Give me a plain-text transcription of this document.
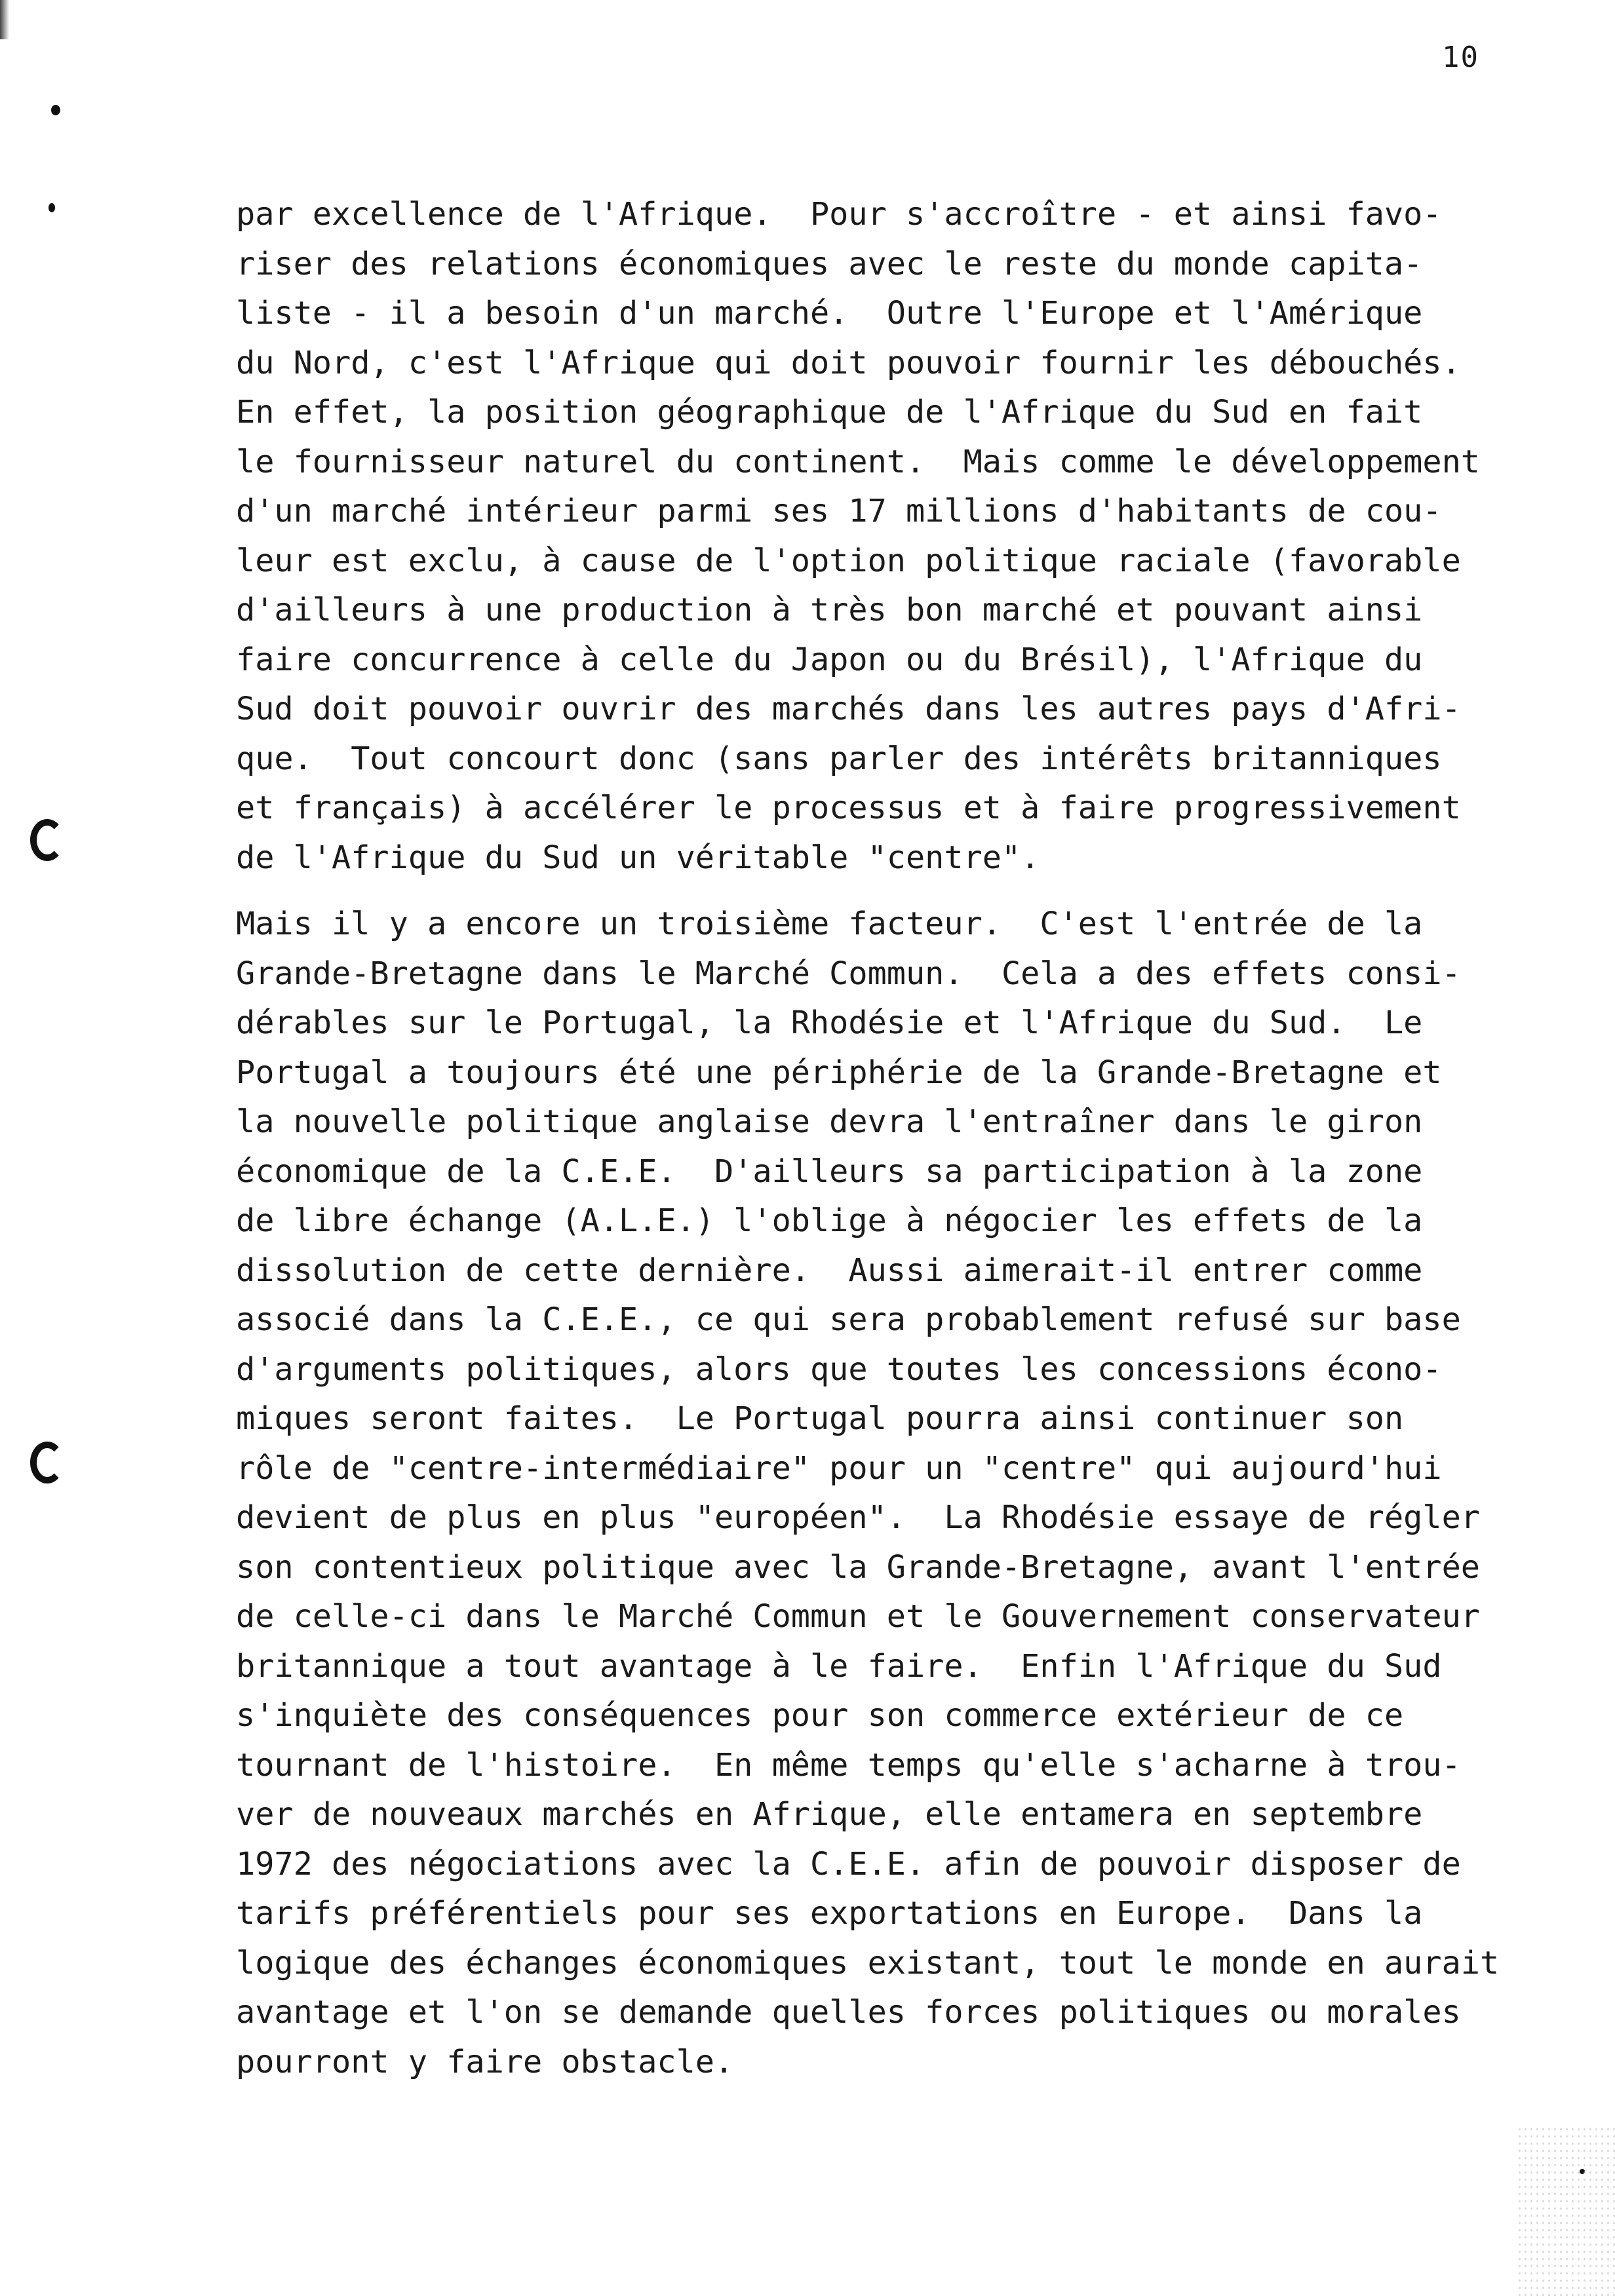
10
par excellence de l'Afrique.  Pour s'accroître - et ainsi favo-
riser des relations économiques avec le reste du monde capita-
liste - il a besoin d'un marché.  Outre l'Europe et l'Amérique
du Nord, c'est l'Afrique qui doit pouvoir fournir les débouchés.
En effet, la position géographique de l'Afrique du Sud en fait
le fournisseur naturel du continent.  Mais comme le développement
d'un marché intérieur parmi ses 17 millions d'habitants de cou-
leur est exclu, à cause de l'option politique raciale (favorable
d'ailleurs à une production à très bon marché et pouvant ainsi
faire concurrence à celle du Japon ou du Brésil), l'Afrique du
Sud doit pouvoir ouvrir des marchés dans les autres pays d'Afri-
que.  Tout concourt donc (sans parler des intérêts britanniques
et français) à accélérer le processus et à faire progressivement
de l'Afrique du Sud un véritable "centre".
Mais il y a encore un troisième facteur.  C'est l'entrée de la
Grande-Bretagne dans le Marché Commun.  Cela a des effets consi-
dérables sur le Portugal, la Rhodésie et l'Afrique du Sud.  Le
Portugal a toujours été une périphérie de la Grande-Bretagne et
la nouvelle politique anglaise devra l'entraîner dans le giron
économique de la C.E.E.  D'ailleurs sa participation à la zone
de libre échange (A.L.E.) l'oblige à négocier les effets de la
dissolution de cette dernière.  Aussi aimerait-il entrer comme
associé dans la C.E.E., ce qui sera probablement refusé sur base
d'arguments politiques, alors que toutes les concessions écono-
miques seront faites.  Le Portugal pourra ainsi continuer son
rôle de "centre-intermédiaire" pour un "centre" qui aujourd'hui
devient de plus en plus "européen".  La Rhodésie essaye de régler
son contentieux politique avec la Grande-Bretagne, avant l'entrée
de celle-ci dans le Marché Commun et le Gouvernement conservateur
britannique a tout avantage à le faire.  Enfin l'Afrique du Sud
s'inquiète des conséquences pour son commerce extérieur de ce
tournant de l'histoire.  En même temps qu'elle s'acharne à trou-
ver de nouveaux marchés en Afrique, elle entamera en septembre
1972 des négociations avec la C.E.E. afin de pouvoir disposer de
tarifs préférentiels pour ses exportations en Europe.  Dans la
logique des échanges économiques existant, tout le monde en aurait
avantage et l'on se demande quelles forces politiques ou morales
pourront y faire obstacle.
